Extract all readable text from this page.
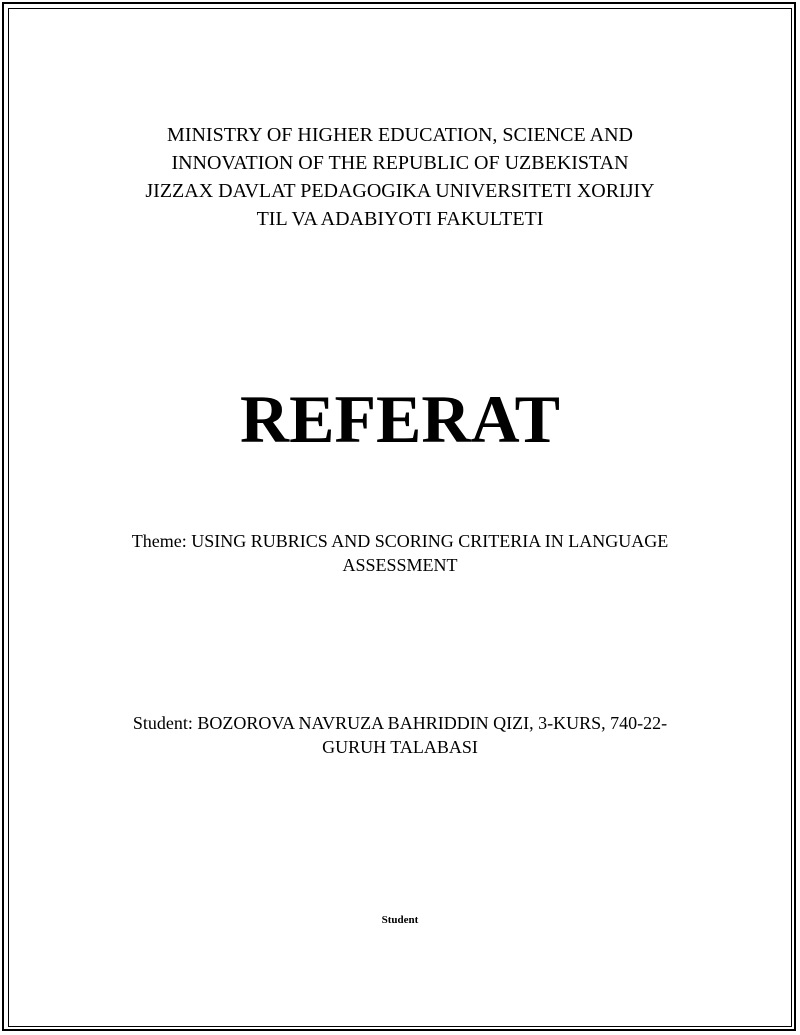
MINISTRY OF HIGHER EDUCATION, SCIENCE AND
INNOVATION OF THE REPUBLIC OF UZBEKISTAN
JIZZAX DAVLAT PEDAGOGIKA UNIVERSITETI XORIJIY
TIL VA ADABIYOTI FAKULTETI
REFERAT
Theme: USING RUBRICS AND SCORING CRITERIA IN LANGUAGE ASSESSMENT
Student: BOZOROVA NAVRUZA BAHRIDDIN QIZI, 3-KURS, 740-22-GURUH TALABASI
Student
